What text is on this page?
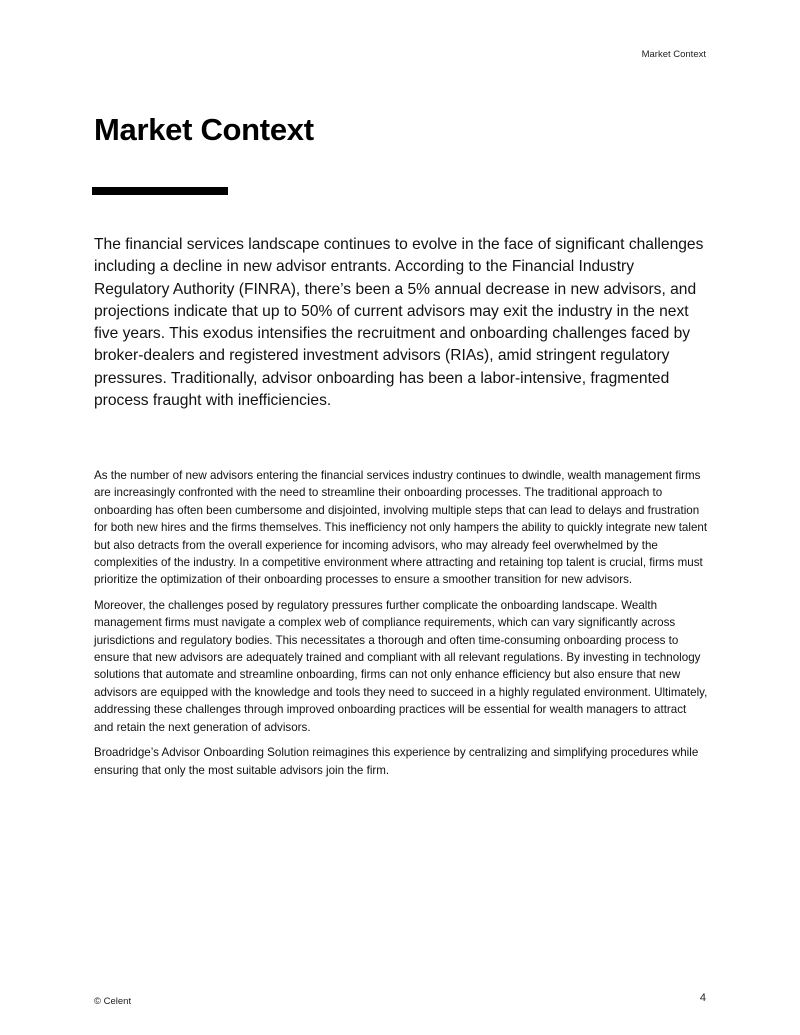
Market Context
Market Context

The financial services landscape continues to evolve in the face of significant challenges including a decline in new advisor entrants. According to the Financial Industry Regulatory Authority (FINRA), there’s been a 5% annual decrease in new advisors, and projections indicate that up to 50% of current advisors may exit the industry in the next five years. This exodus intensifies the recruitment and onboarding challenges faced by broker-dealers and registered investment advisors (RIAs), amid stringent regulatory pressures. Traditionally, advisor onboarding has been a labor-intensive, fragmented process fraught with inefficiencies.

As the number of new advisors entering the financial services industry continues to dwindle, wealth management firms are increasingly confronted with the need to streamline their onboarding processes. The traditional approach to onboarding has often been cumbersome and disjointed, involving multiple steps that can lead to delays and frustration for both new hires and the firms themselves. This inefficiency not only hampers the ability to quickly integrate new talent but also detracts from the overall experience for incoming advisors, who may already feel overwhelmed by the complexities of the industry. In a competitive environment where attracting and retaining top talent is crucial, firms must prioritize the optimization of their onboarding processes to ensure a smoother transition for new advisors.

Moreover, the challenges posed by regulatory pressures further complicate the onboarding landscape. Wealth management firms must navigate a complex web of compliance requirements, which can vary significantly across jurisdictions and regulatory bodies. This necessitates a thorough and often time-consuming onboarding process to ensure that new advisors are adequately trained and compliant with all relevant regulations. By investing in technology solutions that automate and streamline onboarding, firms can not only enhance efficiency but also ensure that new advisors are equipped with the knowledge and tools they need to succeed in a highly regulated environment. Ultimately, addressing these challenges through improved onboarding practices will be essential for wealth managers to attract and retain the next generation of advisors.

Broadridge’s Advisor Onboarding Solution reimagines this experience by centralizing and simplifying procedures while ensuring that only the most suitable advisors join the firm.

© Celent	4
